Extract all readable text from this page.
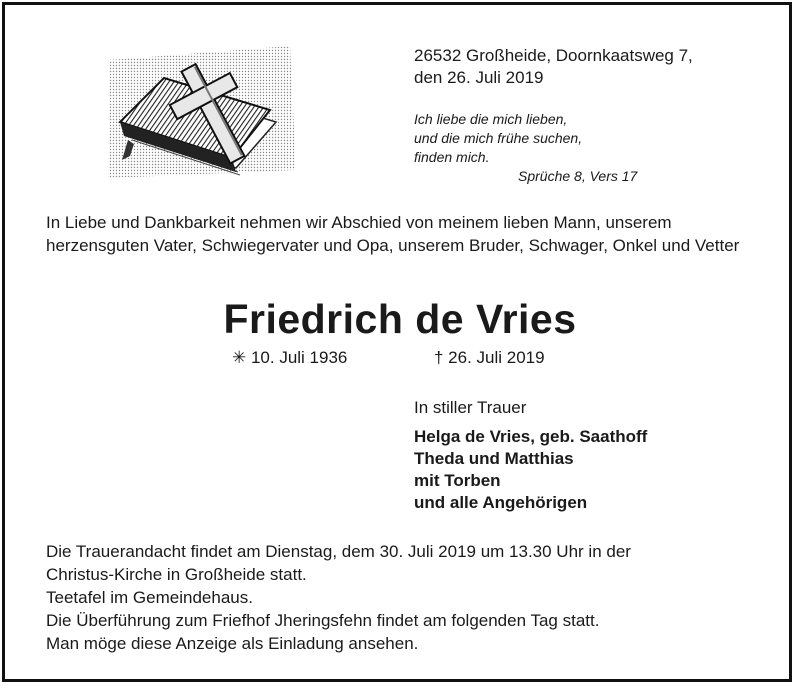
26532 Großheide, Doornkaatsweg 7,
den 26. Juli 2019
Ich liebe die mich lieben,
und die mich frühe suchen,
finden mich.
Sprüche 8, Vers 17
In Liebe und Dankbarkeit nehmen wir Abschied von meinem lieben Mann, unserem herzensguten Vater, Schwiegervater und Opa, unserem Bruder, Schwager, Onkel und Vetter
Friedrich de Vries
✳ 10. Juli 1936	† 26. Juli 2019
In stiller Trauer
Helga de Vries, geb. Saathoff
Theda und Matthias
mit Torben
und alle Angehörigen
Die Trauerandacht findet am Dienstag, dem 30. Juli 2019 um 13.30 Uhr in der
Christus-Kirche in Großheide statt.
Teetafel im Gemeindehaus.
Die Überführung zum Friefhof Jheringsfehn findet am folgenden Tag statt.
Man möge diese Anzeige als Einladung ansehen.
